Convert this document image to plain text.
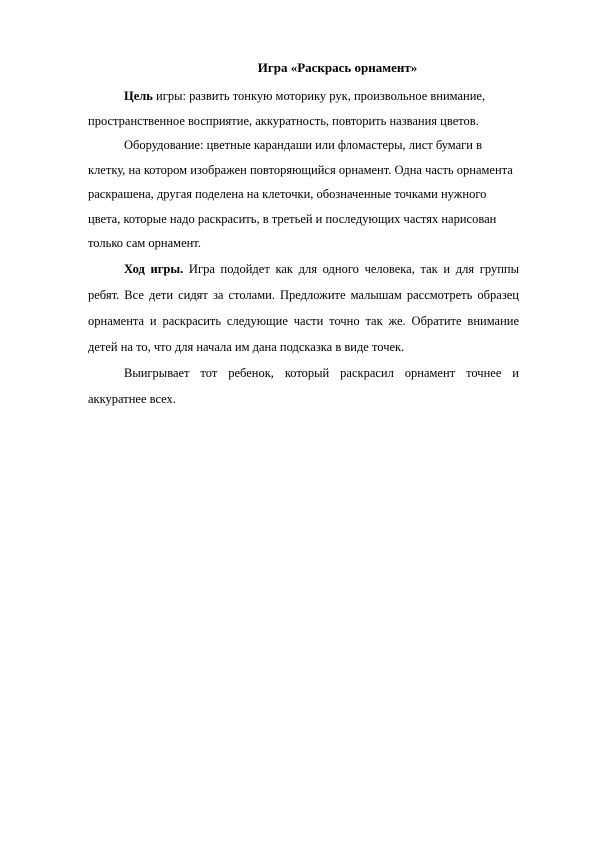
Игра «Раскрась орнамент»

Цель игры: развить тонкую моторику рук, произвольное внимание, пространственное восприятие, аккуратность, повторить названия цветов.

Оборудование: цветные карандаши или фломастеры, лист бумаги в клетку, на котором изображен повторяющийся орнамент. Одна часть орнамента раскрашена, другая поделена на клеточки, обозначенные точками нужного цвета, которые надо раскрасить, в третьей и последующих частях нарисован только сам орнамент.

Ход игры. Игра подойдет как для одного человека, так и для группы ребят. Все дети сидят за столами. Предложите малышам рассмотреть образец орнамента и раскрасить следующие части точно так же. Обратите внимание детей на то, что для начала им дана подсказка в виде точек.

Выигрывает тот ребенок, который раскрасил орнамент точнее и аккуратнее всех.
